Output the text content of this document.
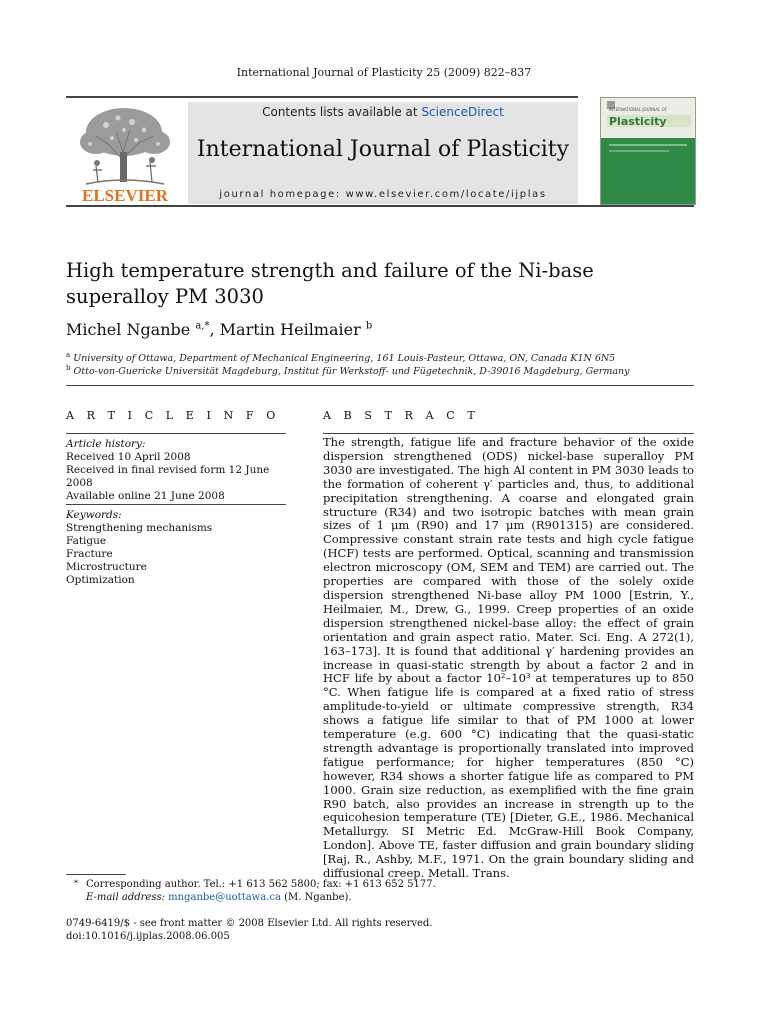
International Journal of Plasticity 25 (2009) 822–837
ELSEVIER
Contents lists available at ScienceDirect
International Journal of Plasticity
journal homepage: www.elsevier.com/locate/ijplas
INTERNATIONAL JOURNAL OF
Plasticity
High temperature strength and failure of the Ni-base superalloy PM 3030
Michel Nganbe $^{a,*}$, Martin Heilmaier $^b$
$^a$ University of Ottawa, Department of Mechanical Engineering, 161 Louis-Pasteur, Ottawa, ON, Canada K1N 6N5
$^b$ Otto-von-Guericke Universität Magdeburg, Institut für Werkstoff- und Fügetechnik, D-39016 Magdeburg, Germany
A R T I C L E I N F O	A B S T R A C T
Article history:
Received 10 April 2008
Received in final revised form 12 June 2008
Available online 21 June 2008
Keywords:
Strengthening mechanisms
Fatigue
Fracture
Microstructure
Optimization

The strength, fatigue life and fracture behavior of the oxide dispersion strengthened (ODS) nickel-base superalloy PM 3030 are investigated. The high Al content in PM 3030 leads to the formation of coherent γ′ particles and, thus, to additional precipitation strengthening. A coarse and elongated grain structure (R34) and two isotropic batches with mean grain sizes of 1 μm (R90) and 17 μm (R901315) are considered. Compressive constant strain rate tests and high cycle fatigue (HCF) tests are performed. Optical, scanning and transmission electron microscopy (OM, SEM and TEM) are carried out. The properties are compared with those of the solely oxide dispersion strengthened Ni-base alloy PM 1000 [Estrin, Y., Heilmaier, M., Drew, G., 1999. Creep properties of an oxide dispersion strengthened nickel-base alloy: the effect of grain orientation and grain aspect ratio. Mater. Sci. Eng. A 272(1), 163–173]. It is found that additional γ′ hardening provides an increase in quasi-static strength by about a factor 2 and in HCF life by about a factor 10²–10³ at temperatures up to 850 °C. When fatigue life is compared at a fixed ratio of stress amplitude-to-yield or ultimate compressive strength, R34 shows a fatigue life similar to that of PM 1000 at lower temperature (e.g. 600 °C) indicating that the quasi-static strength advantage is proportionally translated into improved fatigue performance; for higher temperatures (850 °C) however, R34 shows a shorter fatigue life as compared to PM 1000. Grain size reduction, as exemplified with the fine grain R90 batch, also provides an increase in strength up to the equicohesion temperature (TE) [Dieter, G.E., 1986. Mechanical Metallurgy. SI Metric Ed. McGraw-Hill Book Company, London]. Above TE, faster diffusion and grain boundary sliding [Raj, R., Ashby, M.F., 1971. On the grain boundary sliding and diffusional creep. Metall. Trans.

* Corresponding author. Tel.: +1 613 562 5800; fax: +1 613 652 5177.
E-mail address: mnganbe@uottawa.ca (M. Nganbe).
0749-6419/$ - see front matter © 2008 Elsevier Ltd. All rights reserved.
doi:10.1016/j.ijplas.2008.06.005
